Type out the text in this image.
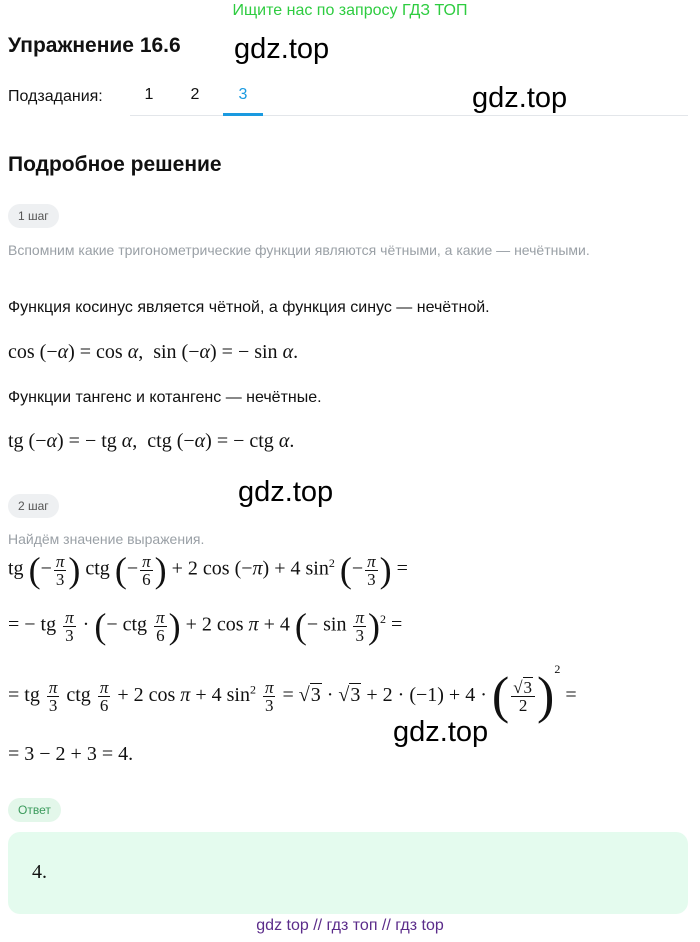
Ищите нас по запросу ГДЗ ТОП
Упражнение 16.6 gdz.top
gdz.top
Подзадания:	1	2	3
Подробное решение
1 шаг
Вспомним какие тригонометрические функции являются чётными, а какие — нечётными.
Функция косинус является чётной, а функция синус — нечётной.
cos (−α) = cos α,  sin (−α) = − sin α.
Функции тангенс и котангенс — нечётные.
tg (−α) = − tg α,  ctg (−α) = − ctg α.
gdz.top
2 шаг
Найдём значение выражения.
tg (− $\frac{\pi}{3}$ ) ctg (− $\frac{\pi}{6}$ ) + 2 cos (−π) + 4 $\sin^2$ (− $\frac{\pi}{3}$ ) =
= − tg $\frac{\pi}{3}$ · (− ctg $\frac{\pi}{6}$ ) + 2 cos π + 4 (− $\sin \frac{\pi}{3} )^2$ =
= tg $\frac{\pi}{3}$ ctg $\frac{\pi}{6} + 2$ cos π + 4 $\sin^2 \frac{\pi}{3} = √3 \cdot √3 + 2 \cdot (-1) + 4$ · ( $\frac{√3}{2} )^2$ =
gdz.top
= 3 − 2 + 3 = 4.
Ответ
4.
gdz top // гдз топ // гдз top
